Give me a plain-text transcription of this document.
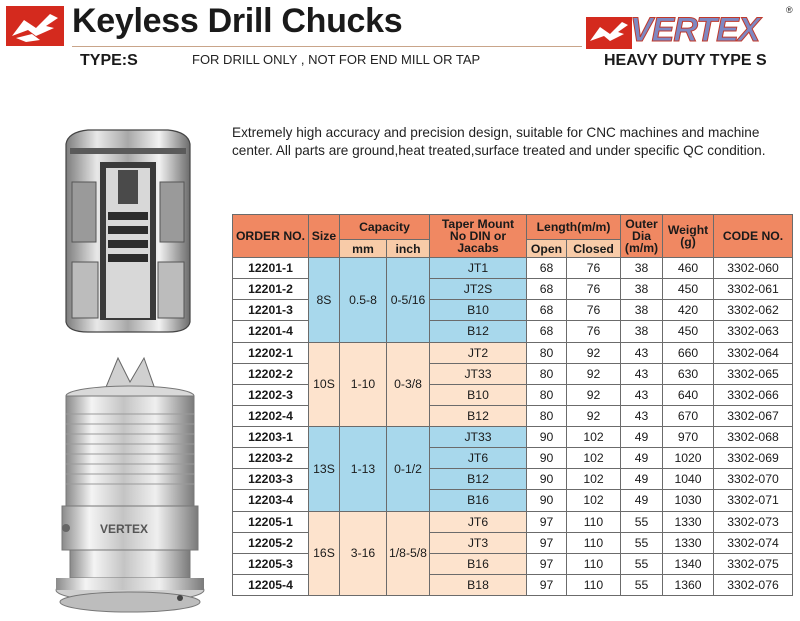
Keyless Drill Chucks
TYPE:S	FOR DRILL ONLY , NOT FOR END MILL OR TAP
VERTEX
®
HEAVY DUTY TYPE S
Extremely high accuracy and precision design, suitable for CNC machines and machine center. All parts are ground,heat treated,surface treated and under specific QC condition.
VERTEX
ORDER NO.	Size	Capacity		Taper Mount No DIN or Jacabs	Length(m/m)		Outer Dia (m/m)	Weight (g)	CODE NO.
		mm	inch		Open	Closed			
12201-1	8S	0.5-8	0-5/16	JT1	68	76	38	460	3302-060
12201-2				JT2S	68	76	38	450	3302-061
12201-3				B10	68	76	38	420	3302-062
12201-4				B12	68	76	38	450	3302-063
12202-1	10S	1-10	0-3/8	JT2	80	92	43	660	3302-064
12202-2				JT33	80	92	43	630	3302-065
12202-3				B10	80	92	43	640	3302-066
12202-4				B12	80	92	43	670	3302-067
12203-1	13S	1-13	0-1/2	JT33	90	102	49	970	3302-068
12203-2				JT6	90	102	49	1020	3302-069
12203-3				B12	90	102	49	1040	3302-070
12203-4				B16	90	102	49	1030	3302-071
12205-1	16S	3-16	1/8-5/8	JT6	97	110	55	1330	3302-073
12205-2				JT3	97	110	55	1330	3302-074
12205-3				B16	97	110	55	1340	3302-075
12205-4				B18	97	110	55	1360	3302-076
